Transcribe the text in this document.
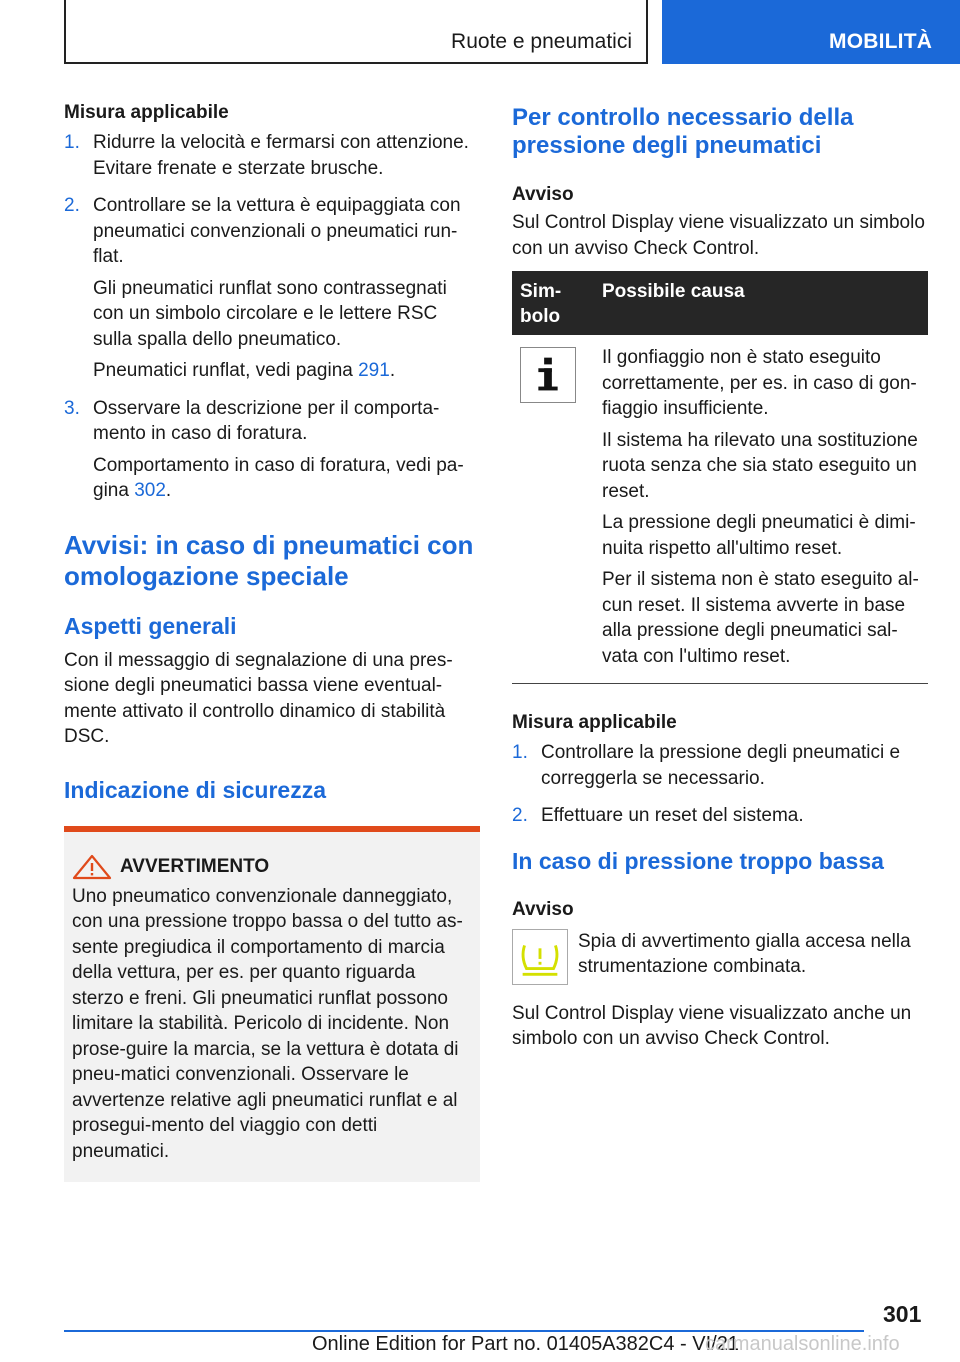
Ruote e pneumatici	MOBILITÀ

Misura applicabile

1. Ridurre la velocità e fermarsi con attenzione. Evitare frenate e sterzate brusche.

2. Controllare se la vettura è equipaggiata con pneumatici convenzionali o pneumatici run-flat.

Gli pneumatici runflat sono contrassegnati con un simbolo circolare e le lettere RSC sulla spalla dello pneumatico.

Pneumatici runflat, vedi pagina 291.

3. Osservare la descrizione per il comporta-mento in caso di foratura.

Comportamento in caso di foratura, vedi pa-gina 302.

Avvisi: in caso di pneumatici con omologazione speciale

Aspetti generali

Con il messaggio di segnalazione di una pres-sione degli pneumatici bassa viene eventual-mente attivato il controllo dinamico di stabilità DSC.

Indicazione di sicurezza

AVVERTIMENTO

Uno pneumatico convenzionale danneggiato, con una pressione troppo bassa o del tutto as-sente pregiudica il comportamento di marcia della vettura, per es. per quanto riguarda sterzo e freni. Gli pneumatici runflat possono limitare la stabilità. Pericolo di incidente. Non prose-guire la marcia, se la vettura è dotata di pneu-matici convenzionali. Osservare le avvertenze relative agli pneumatici runflat e al prosegui-mento del viaggio con detti pneumatici.

Per controllo necessario della pressione degli pneumatici

Avviso

Sul Control Display viene visualizzato un simbolo con un avviso Check Control.

Sim-bolo	Possibile causa

Il gonfiaggio non è stato eseguito correttamente, per es. in caso di gon-fiaggio insufficiente.

Il sistema ha rilevato una sostituzione ruota senza che sia stato eseguito un reset.

La pressione degli pneumatici è dimi-nuita rispetto all'ultimo reset.

Per il sistema non è stato eseguito al-cun reset. Il sistema avverte in base alla pressione degli pneumatici sal-vata con l'ultimo reset.

Misura applicabile

1. Controllare la pressione degli pneumatici e correggerla se necessario.

2. Effettuare un reset del sistema.

In caso di pressione troppo bassa

Avviso

Spia di avvertimento gialla accesa nella strumentazione combinata.

Sul Control Display viene visualizzato anche un simbolo con un avviso Check Control.

301
Online Edition for Part no. 01405A382C4 - VI/21
carmanualsonline.info
